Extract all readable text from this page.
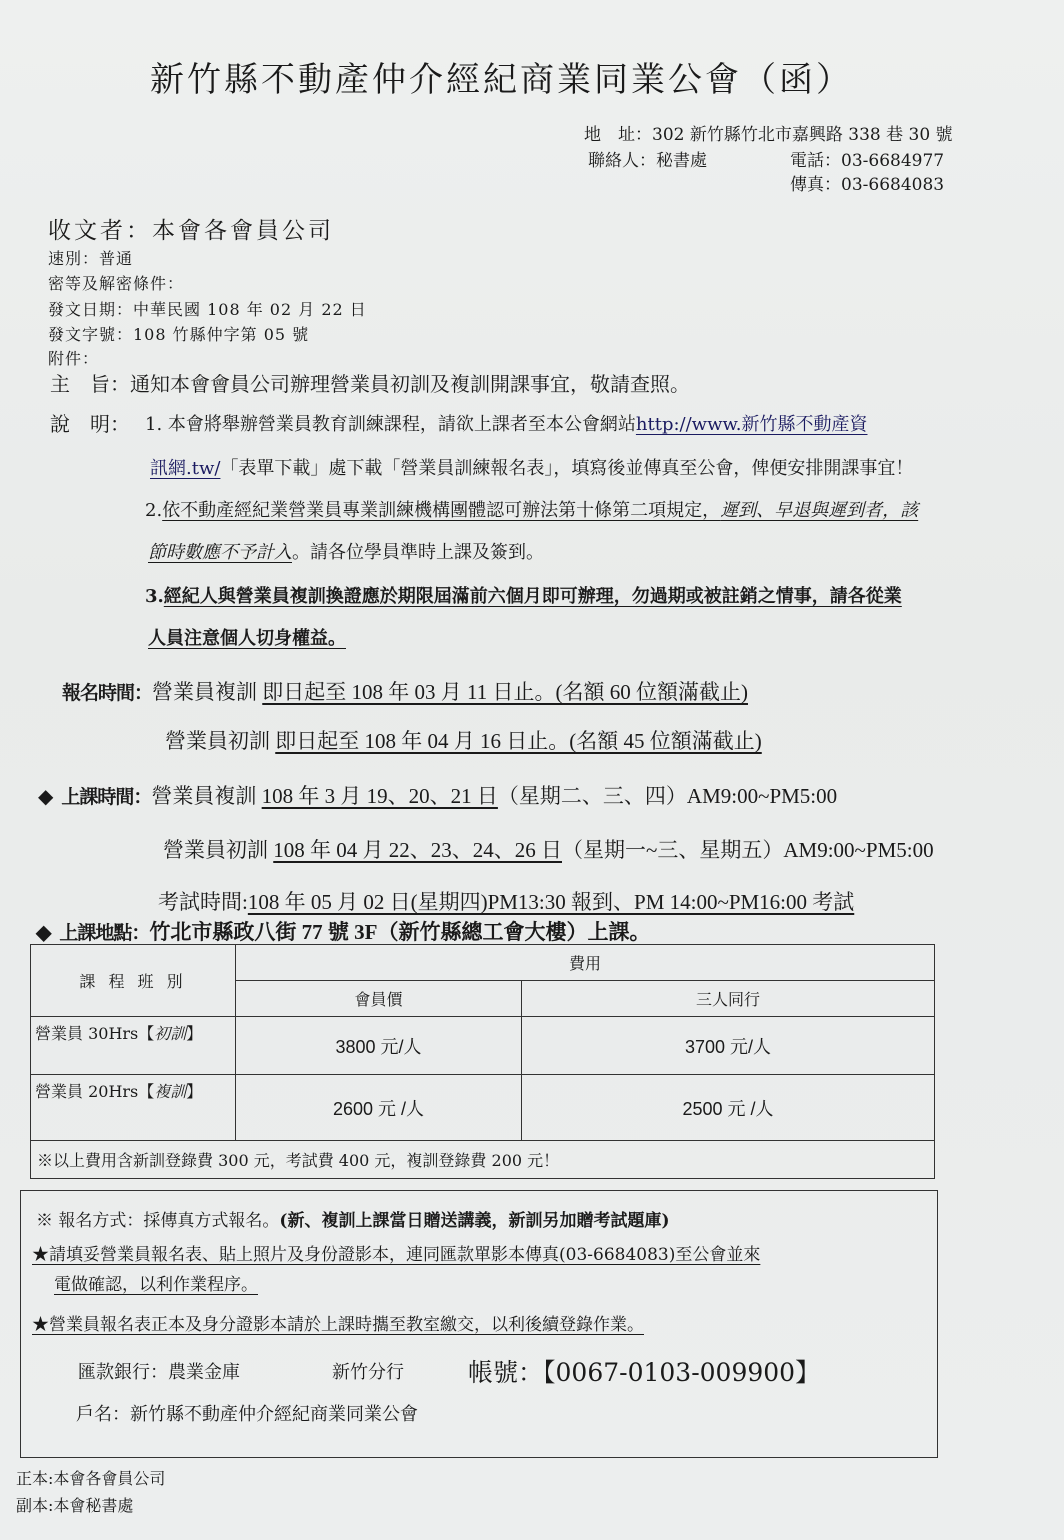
新竹縣不動產仲介經紀商業同業公會（函）
地　址：302 新竹縣竹北市嘉興路 338 巷 30 號
聯絡人：秘書處	電話：03-6684977
傳真：03-6684083
收文者：本會各會員公司
速別：普通
密等及解密條件：
發文日期：中華民國 108 年 02 月 22 日
發文字號：108 竹縣仲字第 05 號
附件：
主　旨：通知本會會員公司辦理營業員初訓及複訓開課事宜，敬請查照。
說　明： 1. 本會將舉辦營業員教育訓練課程，請欲上課者至本公會網站http://www.新竹縣不動產資
訊網.tw/「表單下載」處下載「營業員訓練報名表」，填寫後並傳真至公會，俾便安排開課事宜！
2.依不動產經紀業營業員專業訓練機構團體認可辦法第十條第二項規定，遲到、早退與遲到者，該
節時數應不予計入。請各位學員準時上課及簽到。
3.經紀人與營業員複訓換證應於期限屆滿前六個月即可辦理，勿過期或被註銷之情事，請各從業
人員注意個人切身權益。
報名時間：營業員複訓 即日起至 108 年 03 月 11 日止。(名額 60 位額滿截止)
營業員初訓 即日起至 108 年 04 月 16 日止。(名額 45 位額滿截止)
◆ 上課時間：營業員複訓 108 年 3 月 19、20、21 日（星期二、三、四）AM9:00~PM5:00
營業員初訓 108 年 04 月 22、23、24、26 日（星期一~三、星期五）AM9:00~PM5:00
考試時間:108 年 05 月 02 日(星期四)PM13:30 報到、PM 14:00~PM16:00 考試
◆ 上課地點：竹北市縣政八街 77 號 3F（新竹縣總工會大樓）上課。
課 程 班 別	費用	
	會員價	三人同行
營業員 30Hrs【初訓】	3800 元/人	3700 元/人
營業員 20Hrs【複訓】	2600 元 /人	2500 元 /人
※以上費用含新訓登錄費 300 元，考試費 400 元，複訓登錄費 200 元！		
※ 報名方式：採傳真方式報名。(新、複訓上課當日贈送講義，新訓另加贈考試題庫)
★請填妥營業員報名表、貼上照片及身份證影本，連同匯款單影本傳真(03-6684083)至公會並來
電做確認，以利作業程序。
★營業員報名表正本及身分證影本請於上課時攜至教室繳交，以利後續登錄作業。
匯款銀行：農業金庫	新竹分行	帳號：【0067-0103-009900】
戶名：新竹縣不動產仲介經紀商業同業公會
正本:本會各會員公司
副本:本會秘書處
